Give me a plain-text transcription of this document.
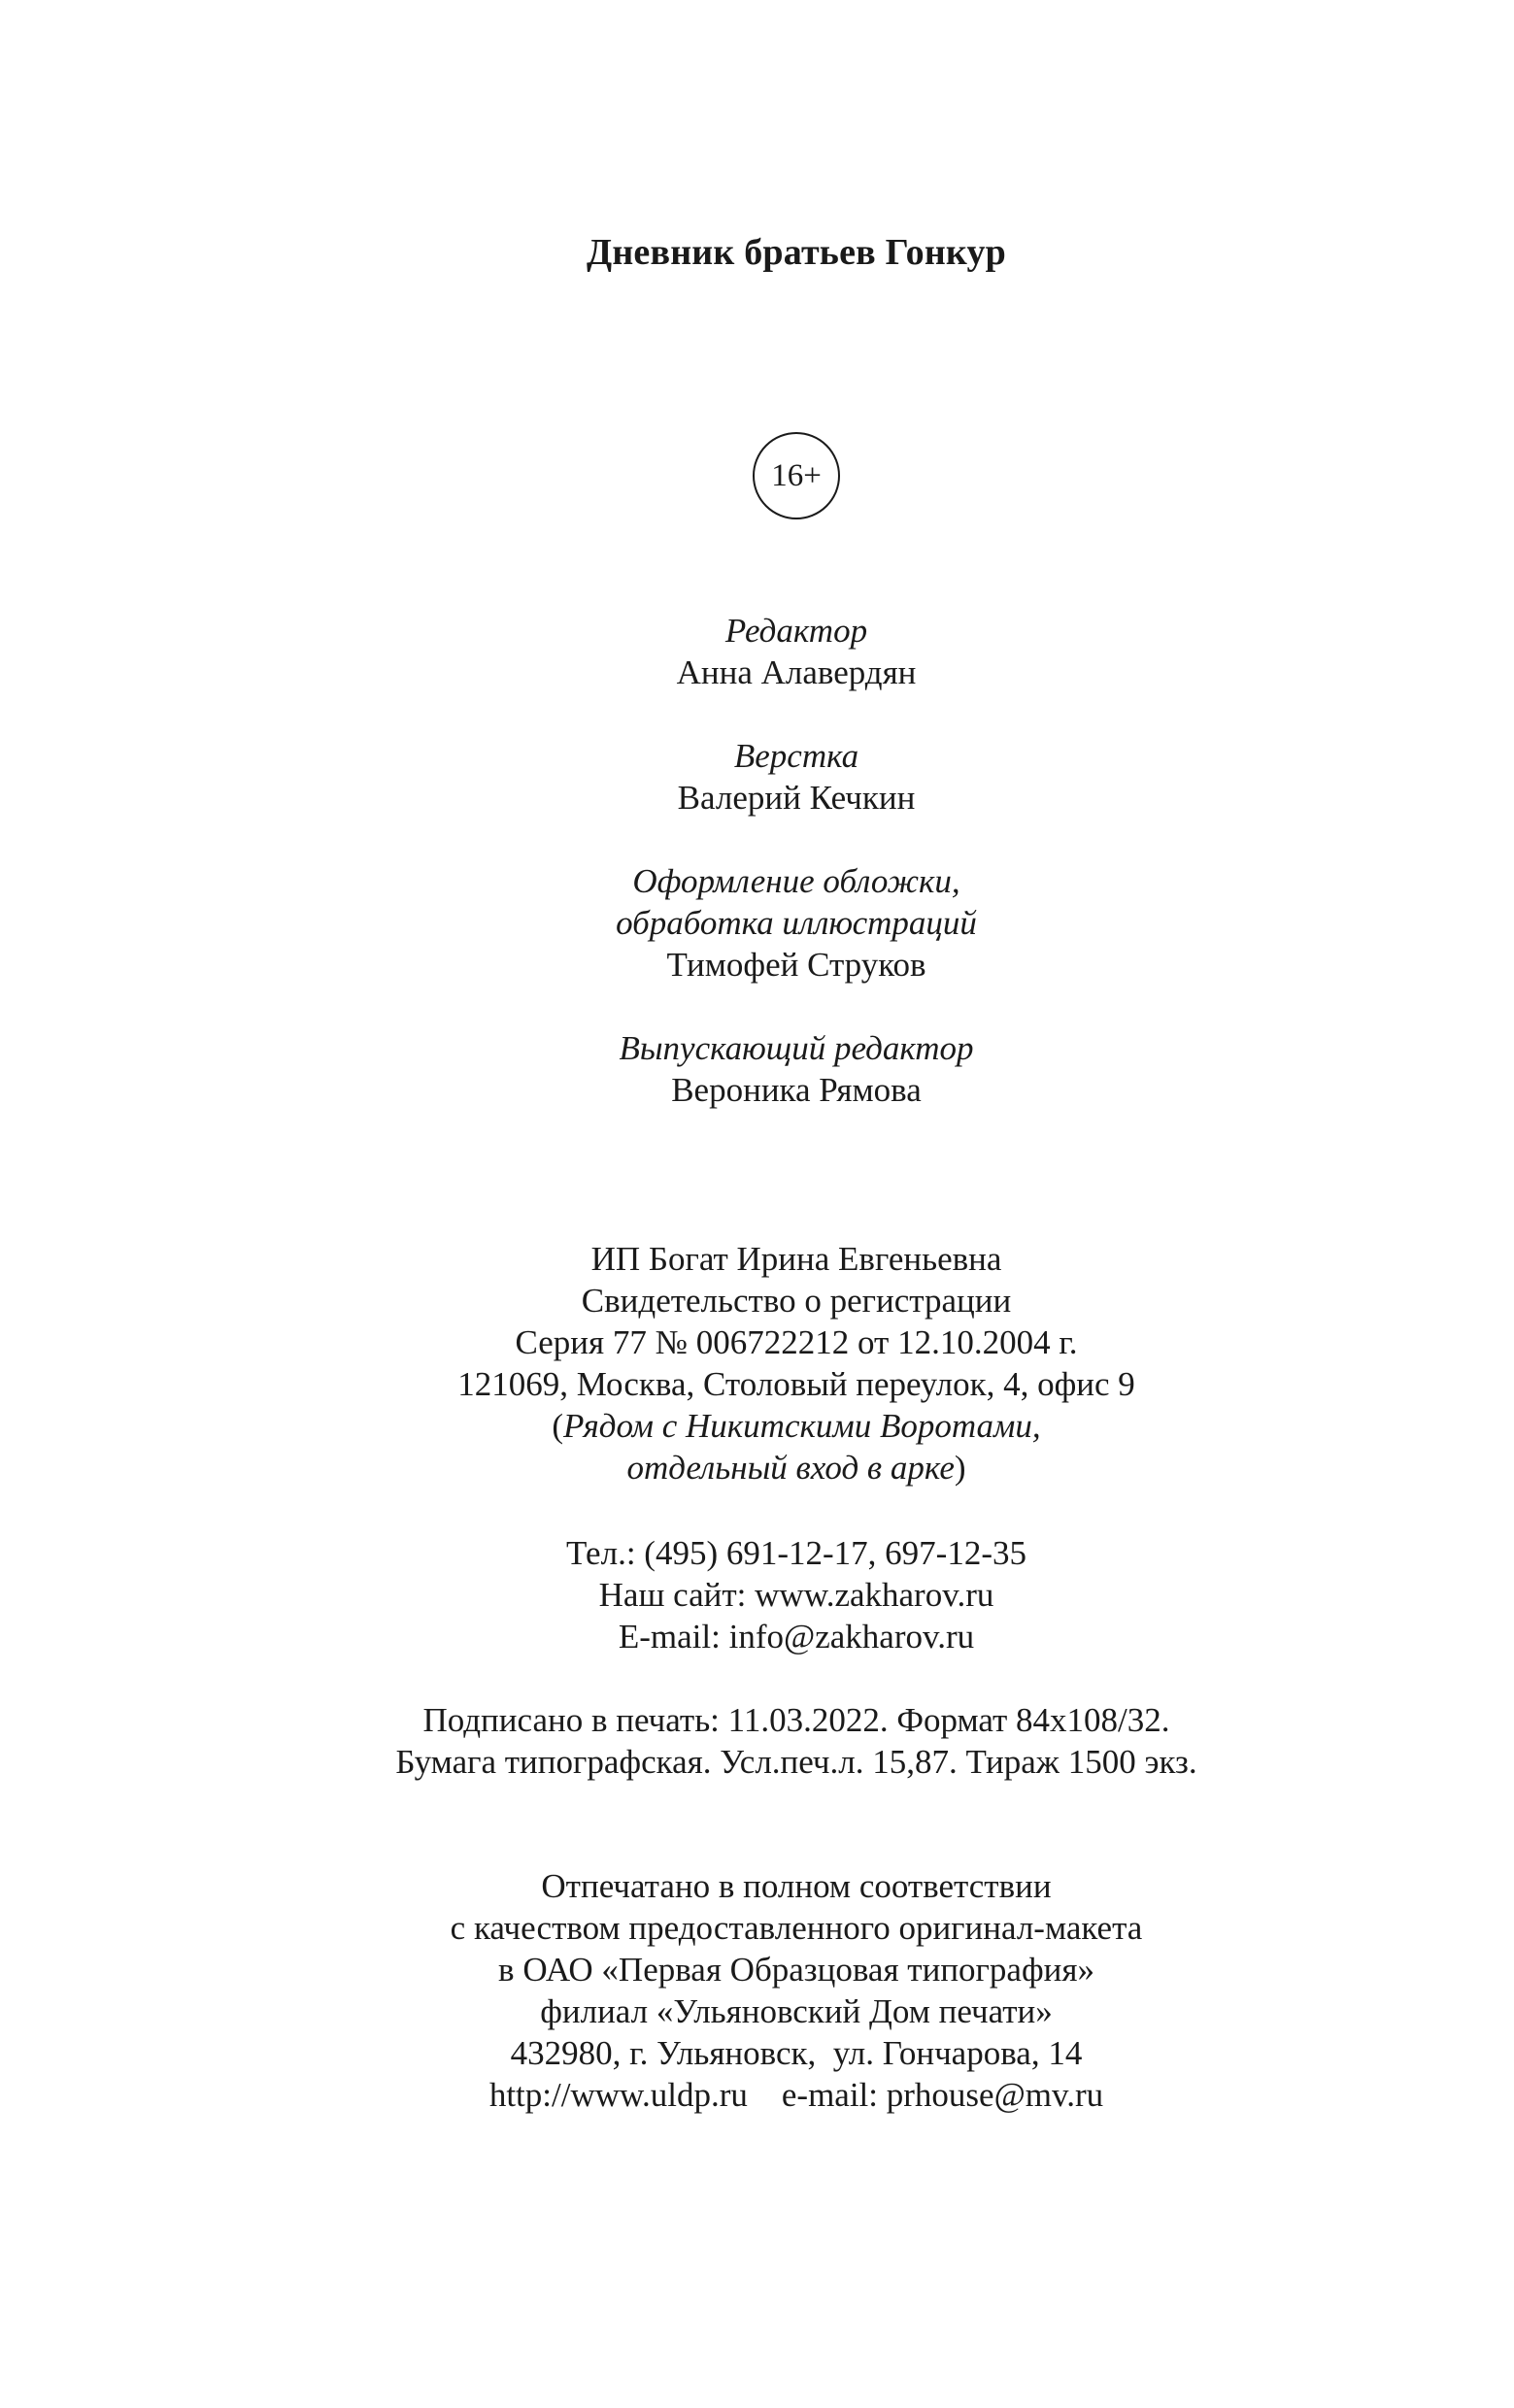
Дневник братьев Гонкур
16+
Редактор
Анна Алавердян
Верстка
Валерий Кечкин
Оформление обложки,
обработка иллюстраций
Тимофей Струков
Выпускающий редактор
Вероника Рямова
ИП Богат Ирина Евгеньевна
Свидетельство о регистрации
Серия 77 № 006722212 от 12.10.2004 г.
121069, Москва, Столовый переулок, 4, офис 9
(Рядом с Никитскими Воротами,
отдельный вход в арке)
Тел.: (495) 691-12-17, 697-12-35
Наш сайт: www.zakharov.ru
E-mail: info@zakharov.ru
Подписано в печать: 11.03.2022. Формат 84x108/32.
Бумага типографская. Усл.печ.л. 15,87. Тираж 1500 экз.
Отпечатано в полном соответствии
с качеством предоставленного оригинал-макета
в ОАО «Первая Образцовая типография»
филиал «Ульяновский Дом печати»
432980, г. Ульяновск,  ул. Гончарова, 14
http://www.uldp.ru    e-mail: prhouse@mv.ru
